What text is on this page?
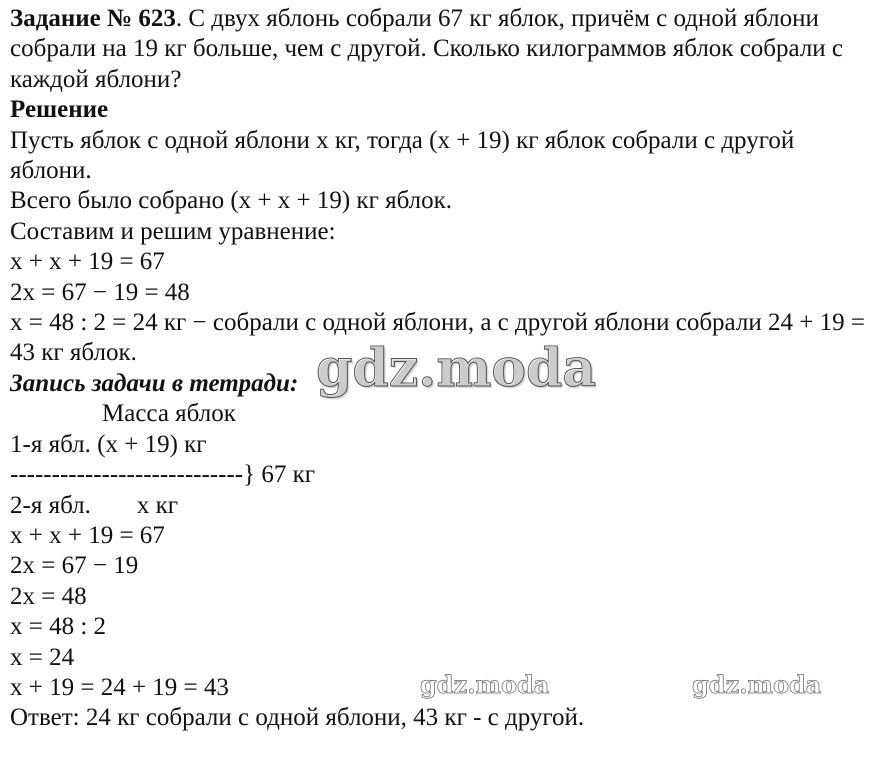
Задание № 623. С двух яблонь собрали 67 кг яблок, причём с одной яблони собрали на 19 кг больше, чем с другой. Сколько килограммов яблок собрали с каждой яблони?
Решение
Пусть яблок с одной яблони х кг, тогда (х + 19) кг яблок собрали с другой яблони.
Всего было собрано (х + х + 19) кг яблок.
Составим и решим уравнение:
х + х + 19 = 67
2х = 67 − 19 = 48
х = 48 : 2 = 24 кг − собрали с одной яблони, а с другой яблони собрали 24 + 19 = 43 кг яблок.
Запись задачи в тетради:
Масса яблок
1-я ябл. (х + 19) кг
----------------------------} 67 кг
2-я ябл. х кг
х + х + 19 = 67
2х = 67 − 19
2х = 48
х = 48 : 2
х = 24
х + 19 = 24 + 19 = 43
Ответ: 24 кг собрали с одной яблони, 43 кг - с другой.
gdz.moda
gdz.moda	gdz.moda
